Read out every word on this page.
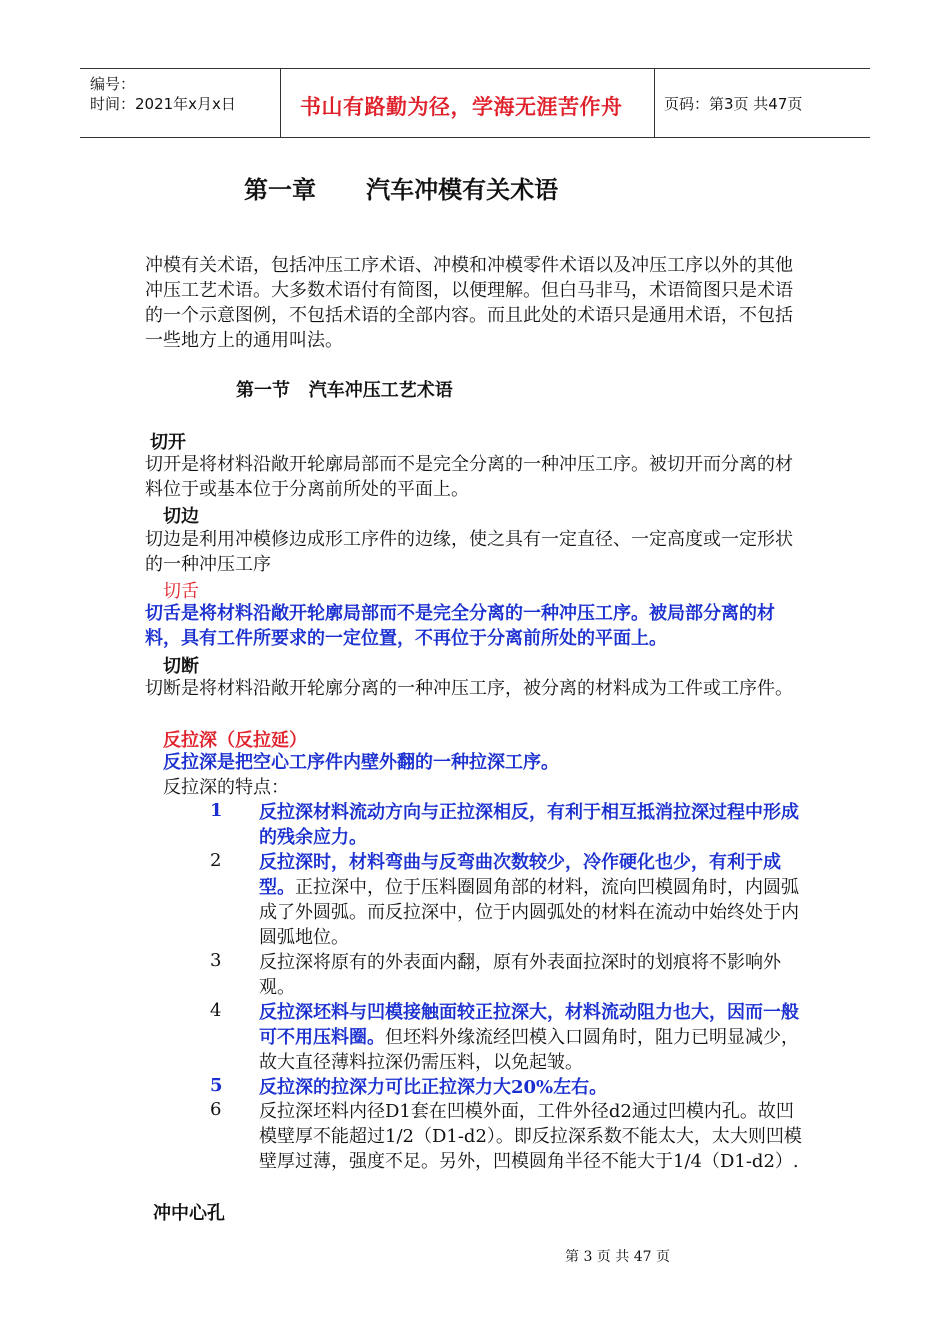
编号：
时间：2021年x月x日	书山有路勤为径，学海无涯苦作舟	页码：第3页 共47页
第一章      汽车冲模有关术语
冲模有关术语，包括冲压工序术语、冲模和冲模零件术语以及冲压工序以外的其他冲压工艺术语。大多数术语付有简图，以便理解。但白马非马，术语简图只是术语的一个示意图例，不包括术语的全部内容。而且此处的术语只是通用术语，不包括一些地方上的通用叫法。
第一节   汽车冲压工艺术语
切开
切开是将材料沿敞开轮廓局部而不是完全分离的一种冲压工序。被切开而分离的材料位于或基本位于分离前所处的平面上。
切边
切边是利用冲模修边成形工序件的边缘，使之具有一定直径、一定高度或一定形状的一种冲压工序
切舌
切舌是将材料沿敞开轮廓局部而不是完全分离的一种冲压工序。被局部分离的材料，具有工件所要求的一定位置，不再位于分离前所处的平面上。
切断
切断是将材料沿敞开轮廓分离的一种冲压工序，被分离的材料成为工件或工序件。
反拉深（反拉延）
反拉深是把空心工序件内壁外翻的一种拉深工序。
反拉深的特点：
1 反拉深材料流动方向与正拉深相反，有利于相互抵消拉深过程中形成的残余应力。
2 反拉深时，材料弯曲与反弯曲次数较少，冷作硬化也少，有利于成型。正拉深中，位于压料圈圆角部的材料，流向凹模圆角时，内圆弧成了外圆弧。而反拉深中，位于内圆弧处的材料在流动中始终处于内圆弧地位。
3 反拉深将原有的外表面内翻，原有外表面拉深时的划痕将不影响外观。
4 反拉深坯料与凹模接触面较正拉深大，材料流动阻力也大，因而一般可不用压料圈。但坯料外缘流经凹模入口圆角时，阻力已明显减少，故大直径薄料拉深仍需压料，以免起皱。
5 反拉深的拉深力可比正拉深力大20%左右。
6 反拉深坯料内径D1套在凹模外面，工件外径d2通过凹模内孔。故凹模壁厚不能超过1/2（D1-d2）。即反拉深系数不能太大，太大则凹模壁厚过薄，强度不足。另外，凹模圆角半径不能大于1/4（D1-d2）.
冲中心孔
第 3 页 共 47 页
